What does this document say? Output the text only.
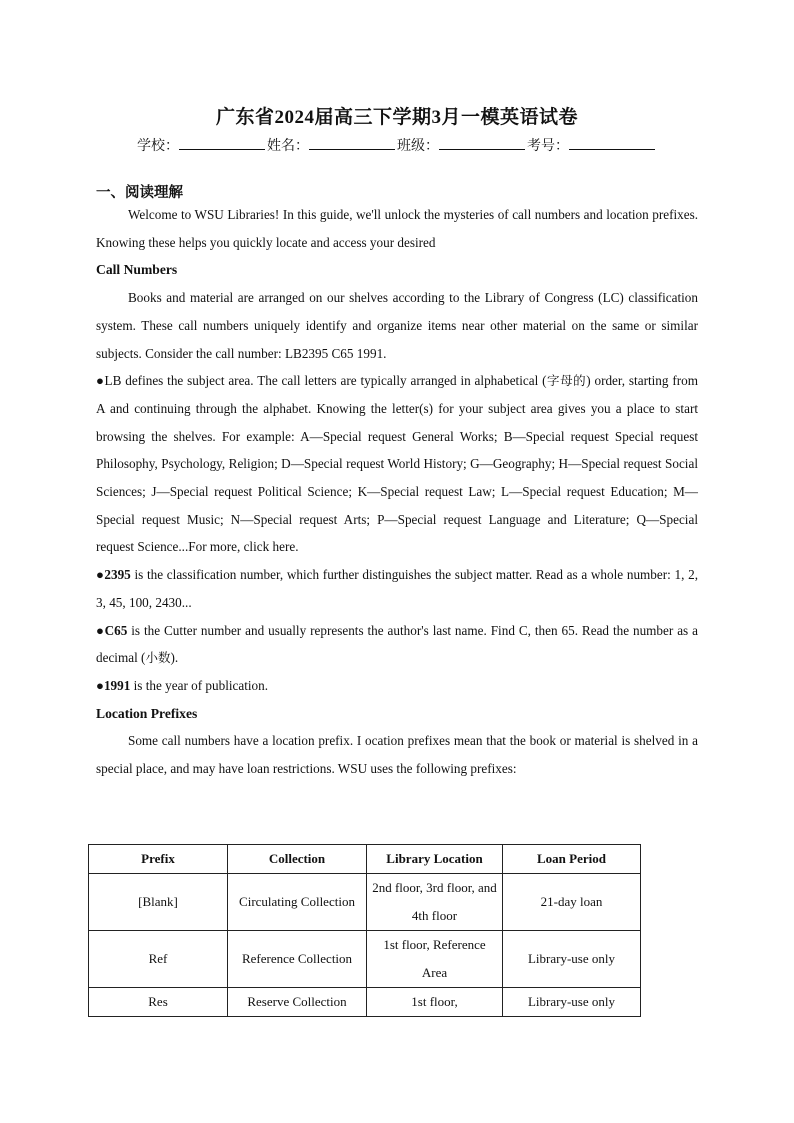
广东省2024届高三下学期3月一模英语试卷
学校：	姓名：	班级：	考号：
一、阅读理解

Welcome to WSU Libraries! In this guide, we'll unlock the mysteries of call numbers and location prefixes. Knowing these helps you quickly locate and access your desired

Call Numbers

Books and material are arranged on our shelves according to the Library of Congress (LC) classification system. These call numbers uniquely identify and organize items near other material on the same or similar subjects. Consider the call number: LB2395 C65 1991.

●LB defines the subject area. The call letters are typically arranged in alphabetical (字母的) order, starting from A and continuing through the alphabet. Knowing the letter(s) for your subject area gives you a place to start browsing the shelves. For example: A—Special request General Works; B—Special request Special request Philosophy, Psychology, Religion; D—Special request World History; G—Geography; H—Special request Social Sciences; J—Special request Political Science; K—Special request Law; L—Special request Education; M—Special request Music; N—Special request Arts; P—Special request Language and Literature; Q—Special request Science...For more, click here.

●2395 is the classification number, which further distinguishes the subject matter. Read as a whole number: 1, 2, 3, 45, 100, 2430...

●C65 is the Cutter number and usually represents the author's last name. Find C, then 65. Read the number as a decimal (小数).

●1991 is the year of publication.

Location Prefixes

Some call numbers have a location prefix. I ocation prefixes mean that the book or material is shelved in a special place, and may have loan restrictions. WSU uses the following prefixes:

Prefix	Collection	Library Location	Loan Period
[Blank]	Circulating Collection	2nd floor, 3rd floor, and 4th floor	21-day loan
Ref	Reference Collection	1st floor, Reference Area	Library-use only
Res	Reserve Collection	1st floor,	Library-use only
